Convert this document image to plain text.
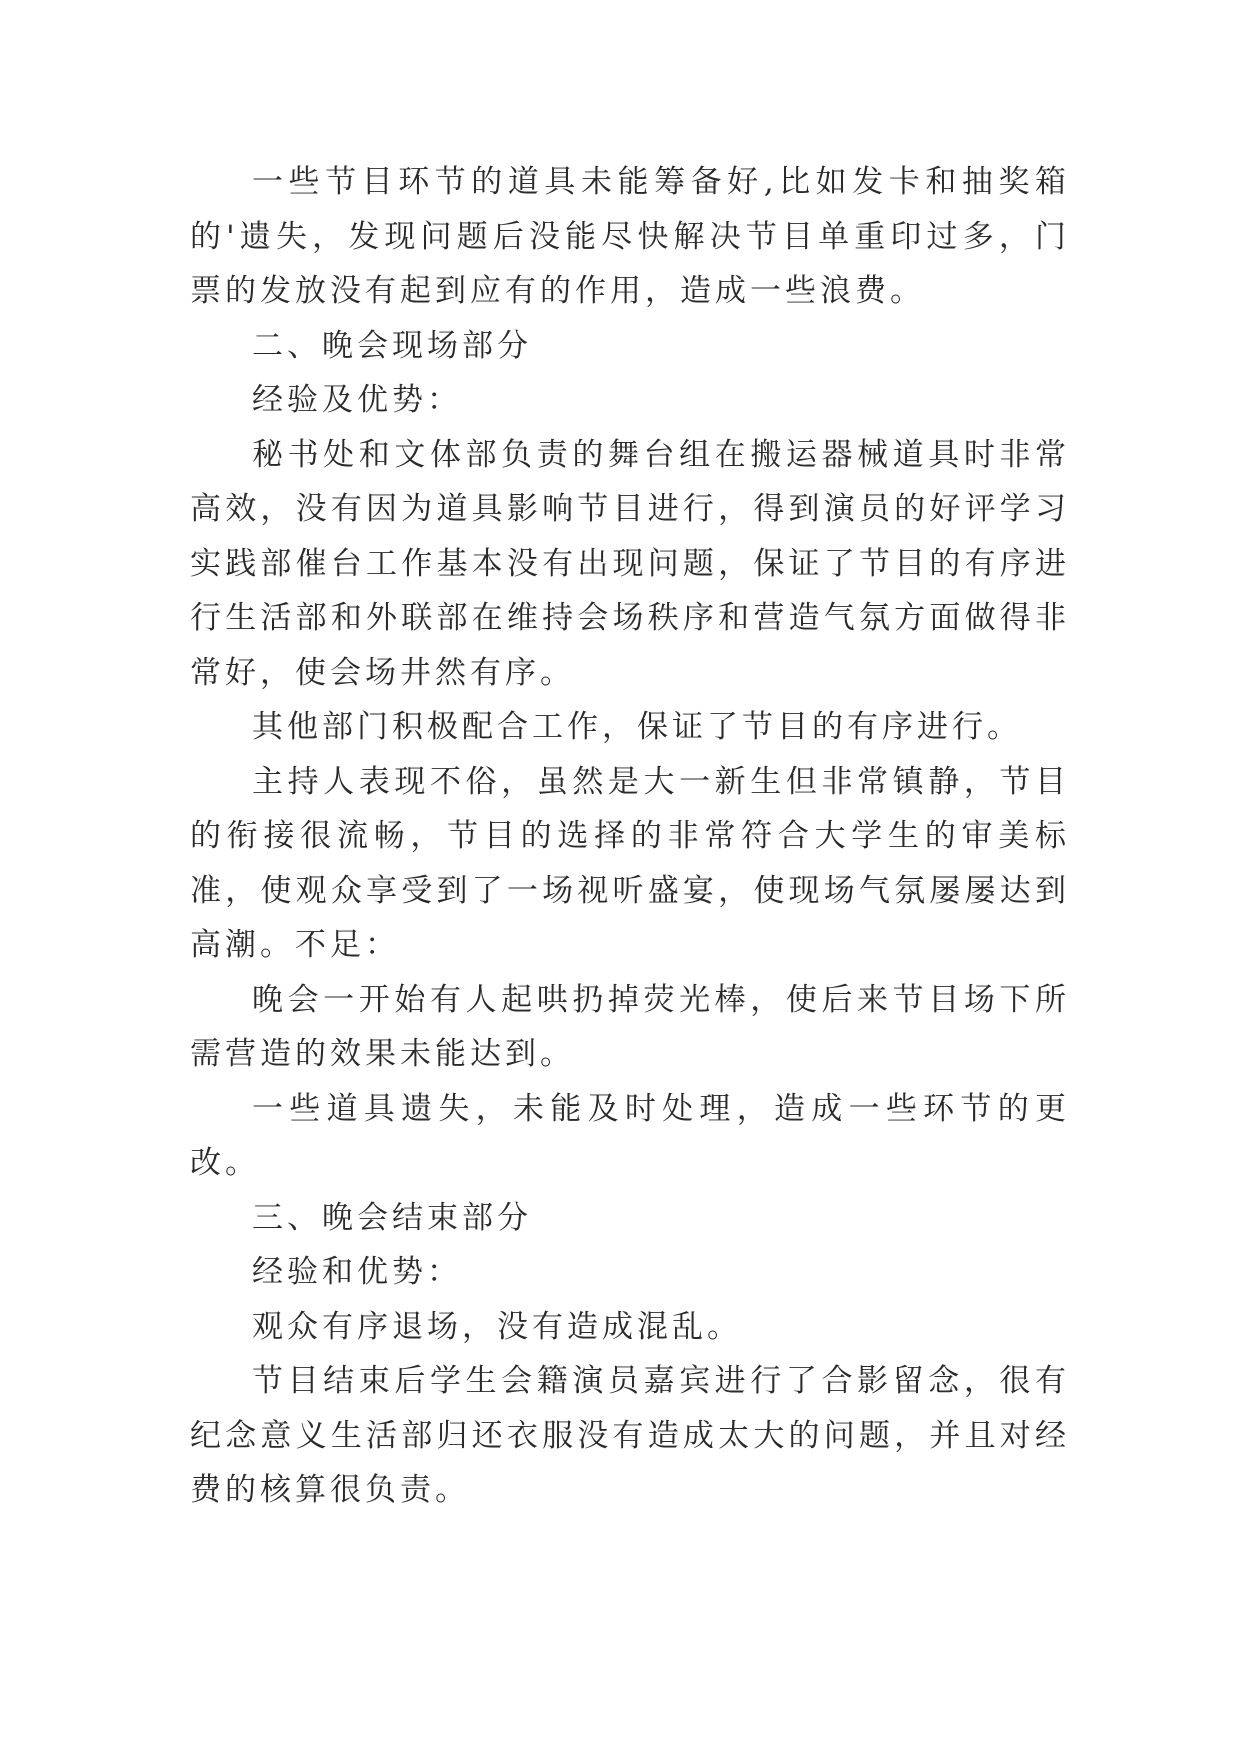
一些节目环节的道具未能筹备好,比如发卡和抽奖箱的'遗失，发现问题后没能尽快解决节目单重印过多，门票的发放没有起到应有的作用，造成一些浪费。

二、晚会现场部分

经验及优势：

秘书处和文体部负责的舞台组在搬运器械道具时非常高效，没有因为道具影响节目进行，得到演员的好评学习实践部催台工作基本没有出现问题，保证了节目的有序进行生活部和外联部在维持会场秩序和营造气氛方面做得非常好，使会场井然有序。

其他部门积极配合工作，保证了节目的有序进行。

主持人表现不俗，虽然是大一新生但非常镇静，节目的衔接很流畅，节目的选择的非常符合大学生的审美标准，使观众享受到了一场视听盛宴，使现场气氛屡屡达到高潮。不足：

晚会一开始有人起哄扔掉荧光棒，使后来节目场下所需营造的效果未能达到。

一些道具遗失，未能及时处理，造成一些环节的更改。

三、晚会结束部分

经验和优势：

观众有序退场，没有造成混乱。

节目结束后学生会籍演员嘉宾进行了合影留念，很有纪念意义生活部归还衣服没有造成太大的问题，并且对经费的核算很负责。
